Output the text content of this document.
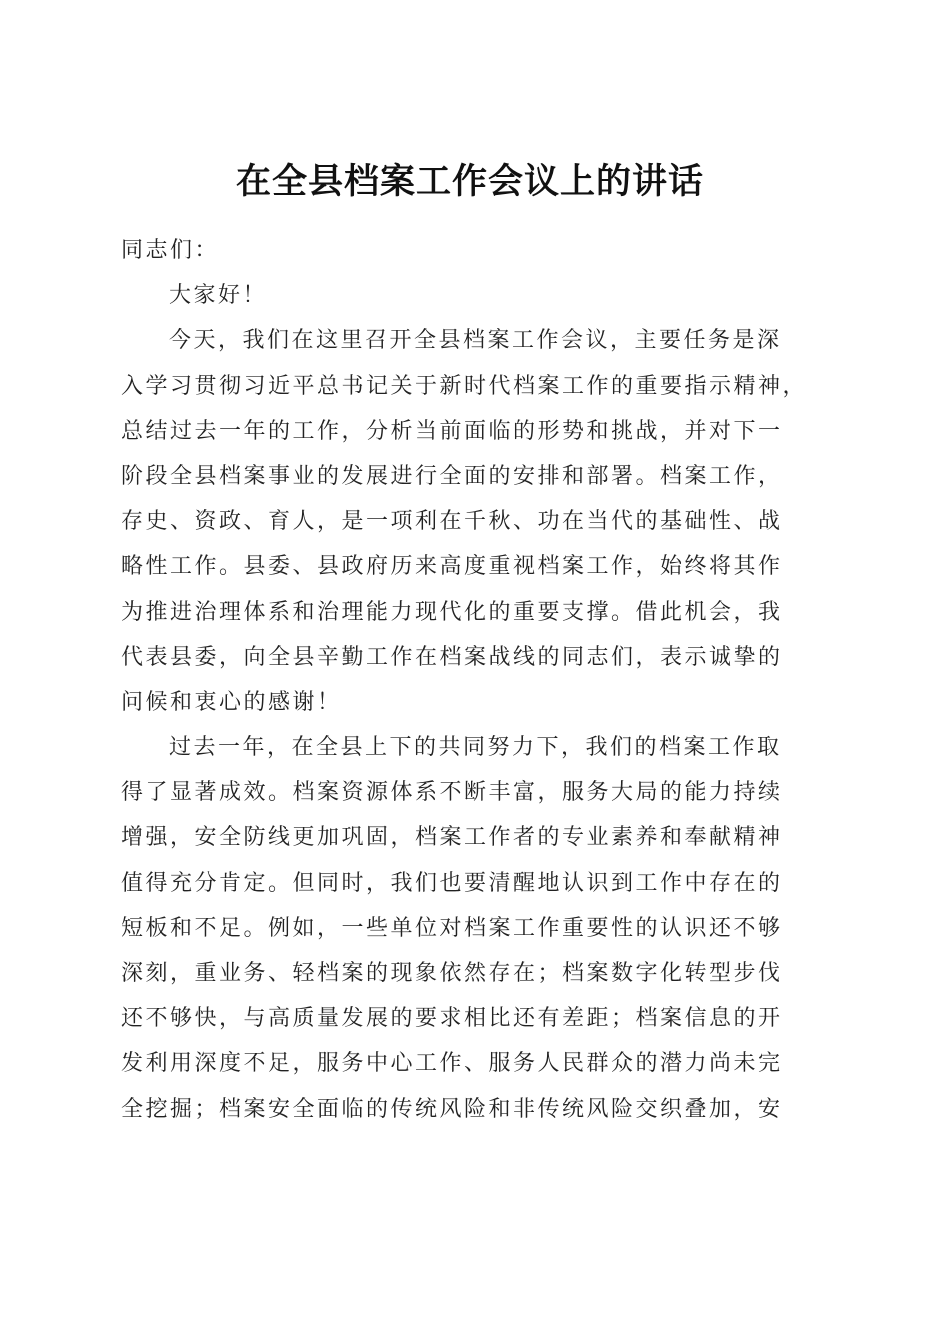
在全县档案工作会议上的讲话
同志们：
大家好！
今天，我们在这里召开全县档案工作会议，主要任务是深
入学习贯彻习近平总书记关于新时代档案工作的重要指示精神，
总结过去一年的工作，分析当前面临的形势和挑战，并对下一
阶段全县档案事业的发展进行全面的安排和部署。档案工作，
存史、资政、育人，是一项利在千秋、功在当代的基础性、战
略性工作。县委、县政府历来高度重视档案工作，始终将其作
为推进治理体系和治理能力现代化的重要支撑。借此机会，我
代表县委，向全县辛勤工作在档案战线的同志们，表示诚挚的
问候和衷心的感谢！
过去一年，在全县上下的共同努力下，我们的档案工作取
得了显著成效。档案资源体系不断丰富，服务大局的能力持续
增强，安全防线更加巩固，档案工作者的专业素养和奉献精神
值得充分肯定。但同时，我们也要清醒地认识到工作中存在的
短板和不足。例如，一些单位对档案工作重要性的认识还不够
深刻，重业务、轻档案的现象依然存在；档案数字化转型步伐
还不够快，与高质量发展的要求相比还有差距；档案信息的开
发利用深度不足，服务中心工作、服务人民群众的潜力尚未完
全挖掘；档案安全面临的传统风险和非传统风险交织叠加，安
